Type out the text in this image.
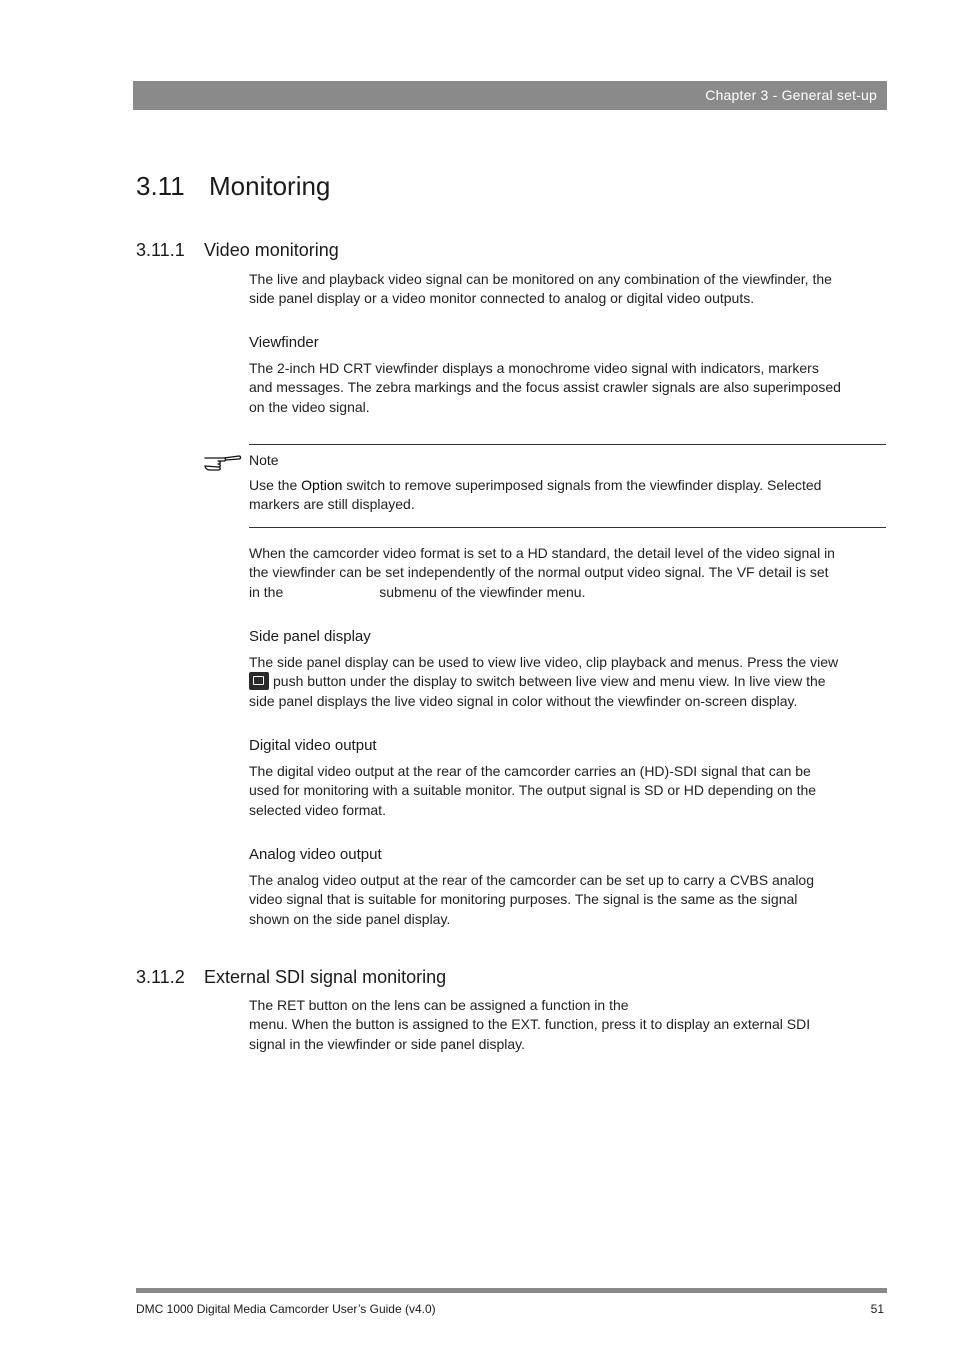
Chapter 3 - General set-up
3.11 Monitoring
3.11.1 Video monitoring

The live and playback video signal can be monitored on any combination of the viewfinder, the
side panel display or a video monitor connected to analog or digital video outputs.

Viewfinder

The 2-inch HD CRT viewfinder displays a monochrome video signal with indicators, markers
and messages. The zebra markings and the focus assist crawler signals are also superimposed
on the video signal.

Note

Use the Option switch to remove superimposed signals from the viewfinder display. Selected
markers are still displayed.

When the camcorder video format is set to a HD standard, the detail level of the video signal in
the viewfinder can be set independently of the normal output video signal. The VF detail is set
in the	submenu of the viewfinder menu.

Side panel display

The side panel display can be used to view live video, clip playback and menus. Press the view
push button under the display to switch between live view and menu view. In live view the
side panel displays the live video signal in color without the viewfinder on-screen display.

Digital video output

The digital video output at the rear of the camcorder carries an (HD)-SDI signal that can be
used for monitoring with a suitable monitor. The output signal is SD or HD depending on the
selected video format.

Analog video output

The analog video output at the rear of the camcorder can be set up to carry a CVBS analog
video signal that is suitable for monitoring purposes. The signal is the same as the signal
shown on the side panel display.

3.11.2 External SDI signal monitoring

The RET button on the lens can be assigned a function in the
menu. When the button is assigned to the EXT. function, press it to display an external SDI
signal in the viewfinder or side panel display.

DMC 1000 Digital Media Camcorder User’s Guide (v4.0)	51
